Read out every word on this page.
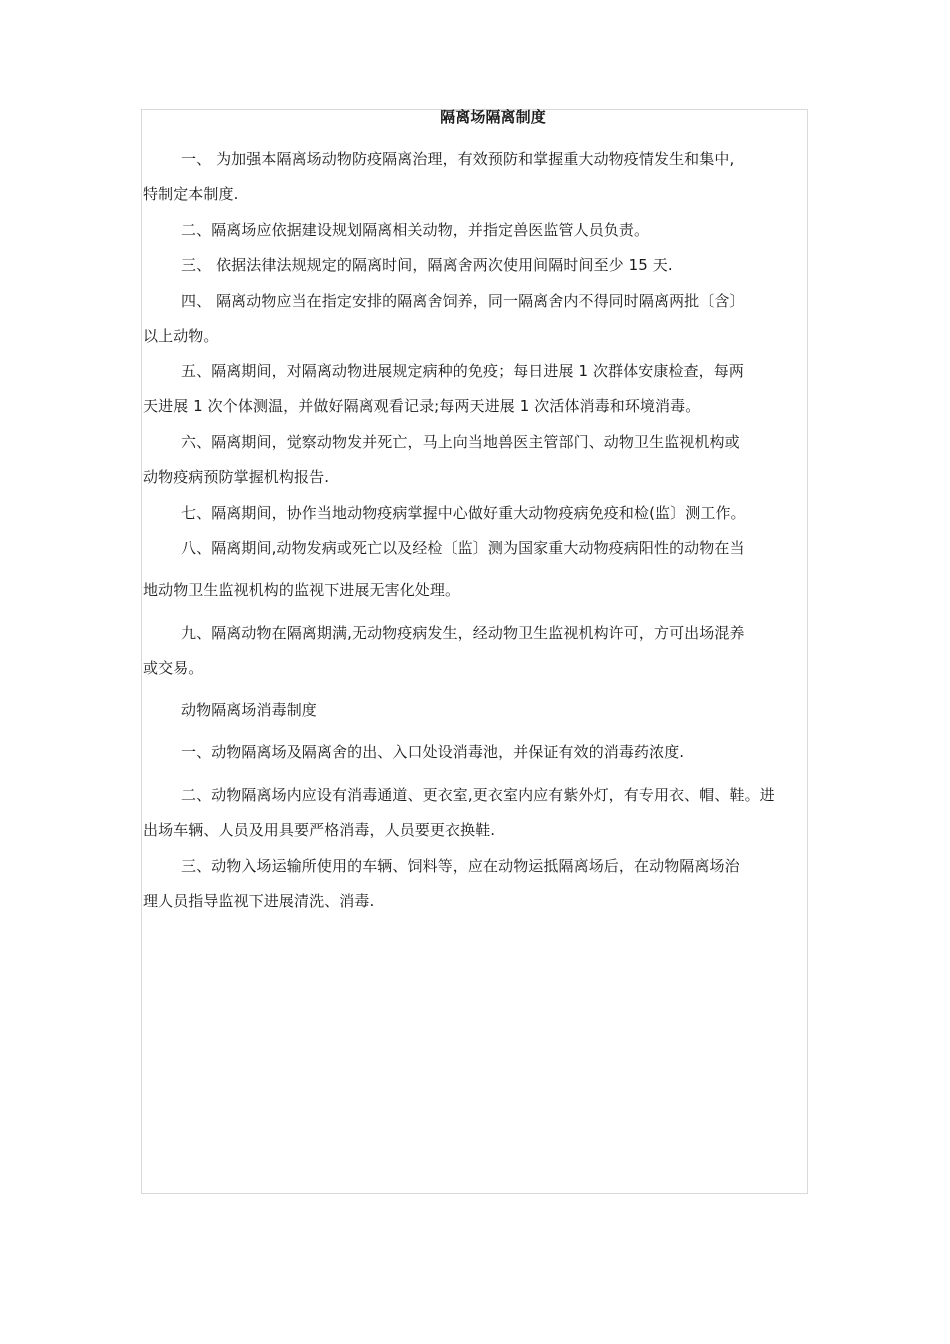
隔离场隔离制度
一、 为加强本隔离场动物防疫隔离治理，有效预防和掌握重大动物疫情发生和集中,
特制定本制度.
二、隔离场应依据建设规划隔离相关动物，并指定兽医监管人员负责。
三、 依据法律法规规定的隔离时间，隔离舍两次使用间隔时间至少 15 天.
四、 隔离动物应当在指定安排的隔离舍饲养，同一隔离舍内不得同时隔离两批〔含〕
以上动物。
五、隔离期间，对隔离动物进展规定病种的免疫；每日进展 1 次群体安康检查，每两
天进展 1 次个体测温，并做好隔离观看记录;每两天进展 1 次活体消毒和环境消毒。
六、隔离期间，觉察动物发并死亡，马上向当地兽医主管部门、动物卫生监视机构或
动物疫病预防掌握机构报告.
七、隔离期间，协作当地动物疫病掌握中心做好重大动物疫病免疫和检(监〕测工作。
八、隔离期间,动物发病或死亡以及经检〔监〕测为国家重大动物疫病阳性的动物在当
地动物卫生监视机构的监视下进展无害化处理。
九、隔离动物在隔离期满,无动物疫病发生，经动物卫生监视机构许可，方可出场混养
或交易。
动物隔离场消毒制度
一、动物隔离场及隔离舍的出、入口处设消毒池，并保证有效的消毒药浓度.
二、动物隔离场内应设有消毒通道、更衣室,更衣室内应有紫外灯，有专用衣、帽、鞋。进
出场车辆、人员及用具要严格消毒，人员要更衣换鞋.
三、动物入场运输所使用的车辆、饲料等，应在动物运抵隔离场后，在动物隔离场治
理人员指导监视下进展清洗、消毒.
